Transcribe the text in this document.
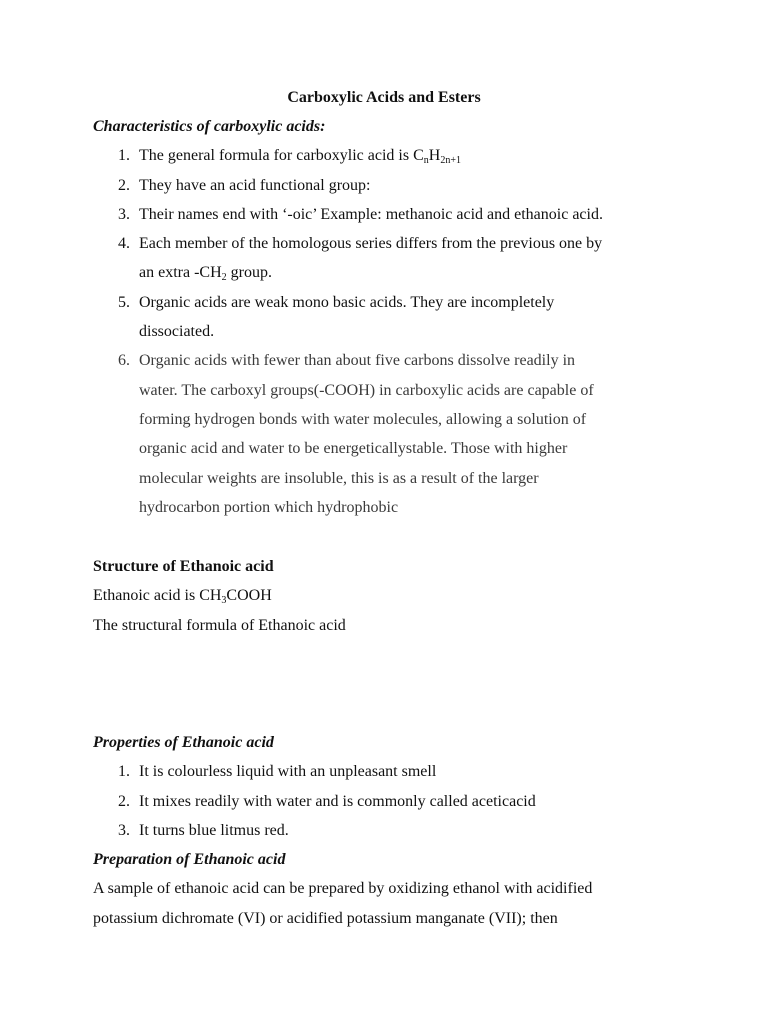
Carboxylic Acids and Esters
Characteristics of carboxylic acids:
1. The general formula for carboxylic acid is $C_nH_{2n+1}$
2. They have an acid functional group:
3. Their names end with ‘-oic’ Example: methanoic acid and ethanoic acid.
4. Each member of the homologous series differs from the previous one by
an extra $-CH_2$ group.
5. Organic acids are weak mono basic acids. They are incompletely
dissociated.
6. Organic acids with fewer than about five carbons dissolve readily in
water. The carboxyl groups(-COOH) in carboxylic acids are capable of
forming hydrogen bonds with water molecules, allowing a solution of
organic acid and water to be energeticallystable. Those with higher
molecular weights are insoluble, this is as a result of the larger
hydrocarbon portion which hydrophobic
Structure of Ethanoic acid
Ethanoic acid is $CH_3COOH$
The structural formula of Ethanoic acid
Properties of Ethanoic acid
1. It is colourless liquid with an unpleasant smell
2. It mixes readily with water and is commonly called aceticacid
3. It turns blue litmus red.
Preparation of Ethanoic acid
A sample of ethanoic acid can be prepared by oxidizing ethanol with acidified
potassium dichromate (VI) or acidified potassium manganate (VII); then
